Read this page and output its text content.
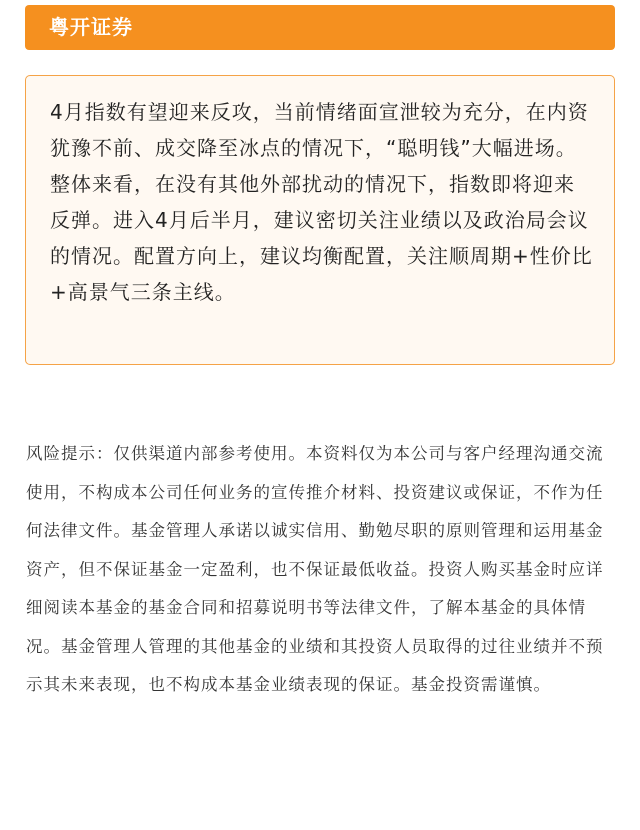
粤开证券

4月指数有望迎来反攻，当前情绪面宣泄较为充分，在内资犹豫不前、成交降至冰点的情况下，“聪明钱”大幅进场。整体来看，在没有其他外部扰动的情况下，指数即将迎来反弹。进入4月后半月，建议密切关注业绩以及政治局会议的情况。配置方向上，建议均衡配置，关注顺周期+性价比+高景气三条主线。

风险提示：仅供渠道内部参考使用。本资料仅为本公司与客户经理沟通交流使用，不构成本公司任何业务的宣传推介材料、投资建议或保证，不作为任何法律文件。基金管理人承诺以诚实信用、勤勉尽职的原则管理和运用基金资产，但不保证基金一定盈利，也不保证最低收益。投资人购买基金时应详细阅读本基金的基金合同和招募说明书等法律文件，了解本基金的具体情况。基金管理人管理的其他基金的业绩和其投资人员取得的过往业绩并不预示其未来表现，也不构成本基金业绩表现的保证。基金投资需谨慎。
